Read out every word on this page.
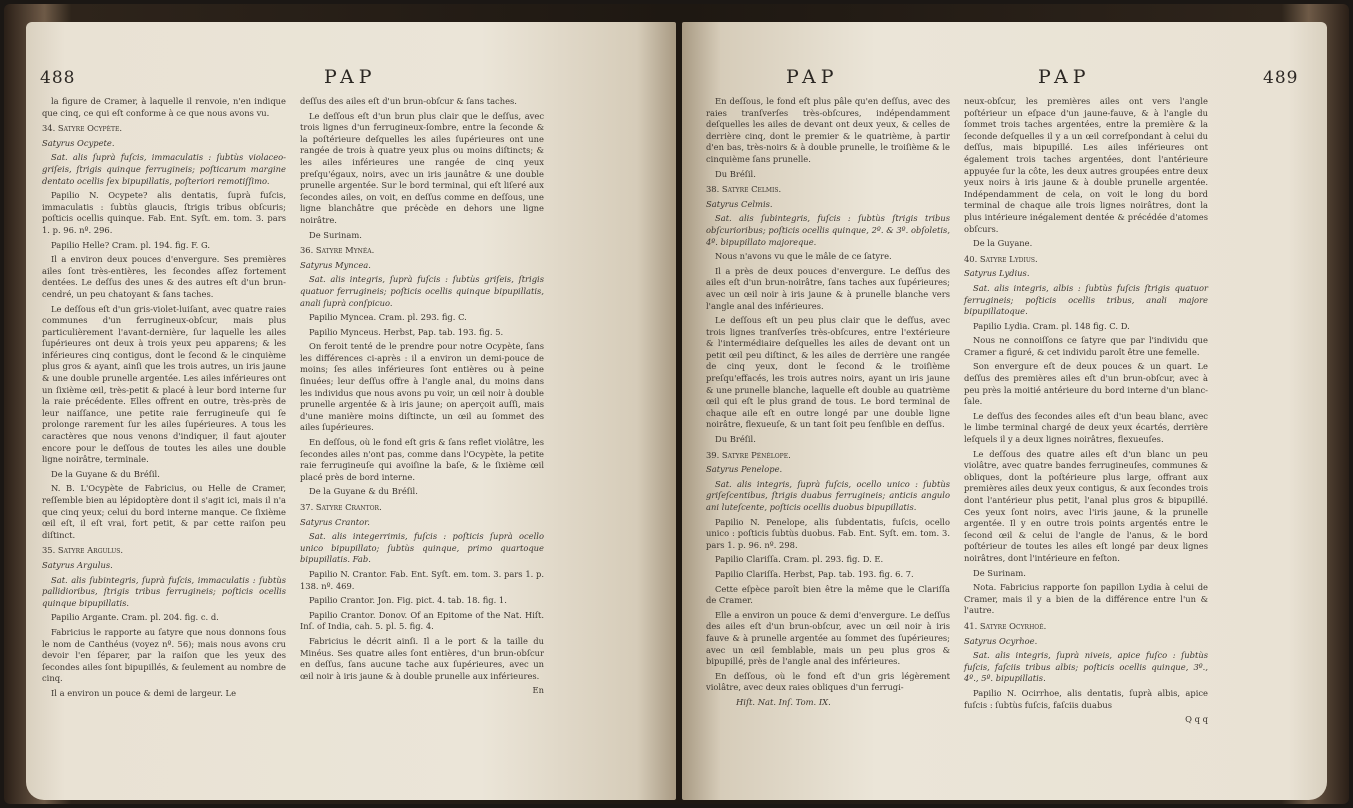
488	PAP

la figure de Cramer, à laquelle il renvoie, n'en indique que cinq, ce qui eſt conforme à ce que nous avons vu.

34. Satyre Ocypète.

Satyrus Ocypete.

Sat. alis ſuprà fuſcis, immaculatis : ſubtùs violaceo-griſeis, ſtrigis quinque ferrugineis; poſticarum margine dentato ocellis ſex bipupillatis, poſteriori remotiſſimo.

Papilio N. Ocypete? alis dentatis, ſuprà fuſcis, immaculatis : ſubtùs glaucis, ſtrigis tribus obſcuris; poſticis ocellis quinque. Fab. Ent. Syſt. em. tom. 3. pars 1. p. 96. nº. 296.

Papilio Helle? Cram. pl. 194. fig. F. G.

Il a environ deux pouces d'envergure. Ses premières ailes ſont très-entières, les ſecondes aſſez fortement dentées. Le deſſus des unes & des autres eſt d'un brun-cendré, un peu chatoyant & ſans taches.

Le deſſous eſt d'un gris-violet-luiſant, avec quatre raies communes d'un ferrugineux-obſcur, mais plus particulièrement l'avant-dernière, ſur laquelle les ailes ſupérieures ont deux à trois yeux peu apparens; & les inférieures cinq contigus, dont le ſecond & le cinquième plus gros & ayant, ainſi que les trois autres, un iris jaune & une double prunelle argentée. Les ailes inférieures ont un ſixième œil, très-petit & placé à leur bord interne ſur la raie précédente. Elles offrent en outre, très-près de leur naiſſance, une petite raie ferrugineuſe qui ſe prolonge rarement ſur les ailes ſupérieures. A tous les caractères que nous venons d'indiquer, il faut ajouter encore pour le deſſous de toutes les ailes une double ligne noirâtre, terminale.

De la Guyane & du Bréſil.

N. B. L'Ocypète de Fabricius, ou Helle de Cramer, reſſemble bien au lépidoptère dont il s'agit ici, mais il n'a que cinq yeux; celui du bord interne manque. Ce ſixième œil eſt, il eſt vrai, fort petit, & par cette raiſon peu diſtinct.

35. Satyre Argulus.

Satyrus Argulus.

Sat. alis ſubintegris, ſuprà fuſcis, immaculatis : ſubtùs pallidioribus, ſtrigis tribus ferrugineis; poſticis ocellis quinque bipupillatis.

Papilio Argante. Cram. pl. 204. fig. c. d.

Fabricius le rapporte au ſatyre que nous donnons ſous le nom de Canthéus (voyez nº. 56); mais nous avons cru devoir l'en ſéparer, par la raiſon que les yeux des ſecondes ailes ſont bipupillés, & ſeulement au nombre de cinq.

Il a environ un pouce & demi de largeur. Le

deſſus des ailes eſt d'un brun-obſcur & ſans taches.

Le deſſous eſt d'un brun plus clair que le deſſus, avec trois lignes d'un ferrugineux-ſombre, entre la ſeconde & la poſtérieure deſquelles les ailes ſupérieures ont une rangée de trois à quatre yeux plus ou moins diſtincts; & les ailes inférieures une rangée de cinq yeux preſqu'égaux, noirs, avec un iris jaunâtre & une double prunelle argentée. Sur le bord terminal, qui eſt liſeré aux ſecondes ailes, on voit, en deſſus comme en deſſous, une ligne blanchâtre que précède en dehors une ligne noirâtre.

De Surinam.

36. Satyre Mynéa.

Satyrus Myncea.

Sat. alis integris, ſuprà fuſcis : ſubtùs griſeis, ſtrigis quatuor ferrugineis; poſticis ocellis quinque bipupillatis, anali ſuprà conſpicuo.

Papilio Myncea. Cram. pl. 293. fig. C.

Papilio Mynceus. Herbst, Pap. tab. 193. fig. 5.

On feroit tenté de le prendre pour notre Ocypète, ſans les différences ci-après : il a environ un demi-pouce de moins; ſes ailes inférieures ſont entières ou à peine ſinuées; leur deſſus offre à l'angle anal, du moins dans les individus que nous avons pu voir, un œil noir à double prunelle argentée & à iris jaune; on aperçoit auſſi, mais d'une manière moins diſtincte, un œil au ſommet des ailes ſupérieures.

En deſſous, où le fond eſt gris & ſans reflet violâtre, les ſecondes ailes n'ont pas, comme dans l'Ocypète, la petite raie ferrugineuſe qui avoiſine la baſe, & le ſixième œil placé près de bord interne.

De la Guyane & du Bréſil.

37. Satyre Crantor.

Satyrus Crantor.

Sat. alis integerrimis, fuſcis : poſticis ſuprà ocello unico bipupillato; ſubtùs quinque, primo quartoque bipupillatis. Fab.

Papilio N. Crantor. Fab. Ent. Syſt. em. tom. 3. pars 1. p. 138. nº. 469.

Papilio Crantor. Jon. Fig. pict. 4. tab. 18. fig. 1.

Papilio Crantor. Donov. Of an Epitome of the Nat. Hiſt. Inſ. of India, cah. 5. pl. 5. fig. 4.

Fabricius le décrit ainſi. Il a le port & la taille du Minéus. Ses quatre ailes ſont entières, d'un brun-obſcur en deſſus, ſans aucune tache aux ſupérieures, avec un œil noir à iris jaune & à double prunelle aux inférieures.

En

PAP	PAP	489

En deſſous, le fond eſt plus pâle qu'en deſſus, avec des raies tranſverſes très-obſcures, indépendamment deſquelles les ailes de devant ont deux yeux, & celles de derrière cinq, dont le premier & le quatrième, à partir d'en bas, très-noirs & à double prunelle, le troiſième & le cinquième ſans prunelle.

Du Bréſil.

38. Satyre Celmis.

Satyrus Celmis.

Sat. alis ſubintegris, fuſcis : ſubtùs ſtrigis tribus obſcurioribus; poſticis ocellis quinque, 2º. & 3º. obſoletis, 4º. bipupillato majoreque.

Nous n'avons vu que le mâle de ce ſatyre.

Il a près de deux pouces d'envergure. Le deſſus des ailes eſt d'un brun-noirâtre, ſans taches aux ſupérieures; avec un œil noir à iris jaune & à prunelle blanche vers l'angle anal des inférieures.

Le deſſous eſt un peu plus clair que le deſſus, avec trois lignes tranſverſes très-obſcures, entre l'extérieure & l'intermédiaire deſquelles les ailes de devant ont un petit œil peu diſtinct, & les ailes de derrière une rangée de cinq yeux, dont le ſecond & le troiſième preſqu'effacés, les trois autres noirs, ayant un iris jaune & une prunelle blanche, laquelle eſt double au quatrième œil qui eſt le plus grand de tous. Le bord terminal de chaque aile eſt en outre longé par une double ligne noirâtre, flexueuſe, & un tant ſoit peu ſenſible en deſſus.

Du Bréſil.

39. Satyre Pénélope.

Satyrus Penelope.

Sat. alis integris, ſuprà fuſcis, ocello unico : ſubtùs griſeſcentibus, ſtrigis duabus ferrugineis; anticis angulo ani luteſcente, poſticis ocellis duobus bipupillatis.

Papilio N. Penelope, alis ſubdentatis, fuſcis, ocello unico : poſticis ſubtùs duobus. Fab. Ent. Syſt. em. tom. 3. pars 1. p. 96. nº. 298.

Papilio Clariſſa. Cram. pl. 293. fig. D. E.

Papilio Clariſſa. Herbst, Pap. tab. 193. fig. 6. 7.

Cette eſpèce paroît bien être la même que le Clariſſa de Cramer.

Elle a environ un pouce & demi d'envergure. Le deſſus des ailes eſt d'un brun-obſcur, avec un œil noir à iris fauve & à prunelle argentée au ſommet des ſupérieures; avec un œil ſemblable, mais un peu plus gros & bipupillé, près de l'angle anal des inférieures.

En deſſous, où le fond eſt d'un gris légèrement violâtre, avec deux raies obliques d'un ferrugi-

Hiſt. Nat. Inſ. Tom. IX.

neux-obſcur, les premières ailes ont vers l'angle poſtérieur un eſpace d'un jaune-fauve, & à l'angle du ſommet trois taches argentées, entre la première & la ſeconde deſquelles il y a un œil correſpondant à celui du deſſus, mais bipupillé. Les ailes inférieures ont également trois taches argentées, dont l'antérieure appuyée ſur la côte, les deux autres groupées entre deux yeux noirs à iris jaune & à double prunelle argentée. Indépendamment de cela, on voit le long du bord terminal de chaque aile trois lignes noirâtres, dont la plus intérieure inégalement dentée & précédée d'atomes obſcurs.

De la Guyane.

40. Satyre Lydius.

Satyrus Lydius.

Sat. alis integris, albis : ſubtùs fuſcis ſtrigis quatuor ferrugineis; poſticis ocellis tribus, anali majore bipupillatoque.

Papilio Lydia. Cram. pl. 148 fig. C. D.

Nous ne connoiſſons ce ſatyre que par l'individu que Cramer a figuré, & cet individu paroît être une femelle.

Son envergure eſt de deux pouces & un quart. Le deſſus des premières ailes eſt d'un brun-obſcur, avec à peu près la moitié antérieure du bord interne d'un blanc-ſale.

Le deſſus des ſecondes ailes eſt d'un beau blanc, avec le limbe terminal chargé de deux yeux écartés, derrière leſquels il y a deux lignes noirâtres, flexueuſes.

Le deſſous des quatre ailes eſt d'un blanc un peu violâtre, avec quatre bandes ferrugineuſes, communes & obliques, dont la poſtérieure plus large, offrant aux premières ailes deux yeux contigus, & aux ſecondes trois dont l'antérieur plus petit, l'anal plus gros & bipupillé. Ces yeux ſont noirs, avec l'iris jaune, & la prunelle argentée. Il y en outre trois points argentés entre le ſecond œil & celui de l'angle de l'anus, & le bord poſtérieur de toutes les ailes eſt longé par deux lignes noirâtres, dont l'intérieure en feſton.

De Surinam.

Nota. Fabricius rapporte ſon papillon Lydia à celui de Cramer, mais il y a bien de la différence entre l'un & l'autre.

41. Satyre Ocyrhoé.

Satyrus Ocyrhoe.

Sat. alis integris, ſuprà niveis, apice fuſco : ſubtùs fuſcis, faſciis tribus albis; poſticis ocellis quinque, 3º., 4º., 5º. bipupillatis.

Papilio N. Ocirrhoe, alis dentatis, ſuprà albis, apice fuſcis : ſubtùs fuſcis, faſciis duabus

Q q q
